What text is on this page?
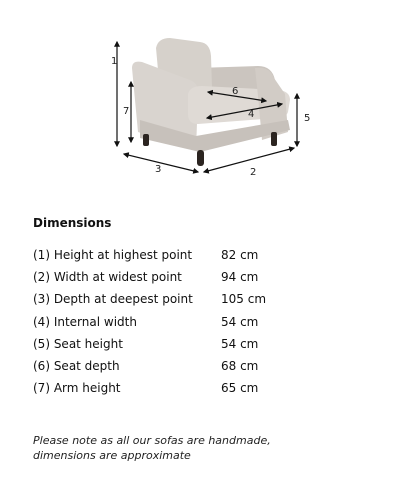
1
7
5
3	2
6
4
Dimensions
(1) Height at highest point	82 cm
(2) Width at widest point	94 cm
(3) Depth at deepest point	105 cm
(4) Internal width	54 cm
(5) Seat height	54 cm
(6) Seat depth	68 cm
(7) Arm height	65 cm
Please note as all our sofas are handmade,
dimensions are approximate
